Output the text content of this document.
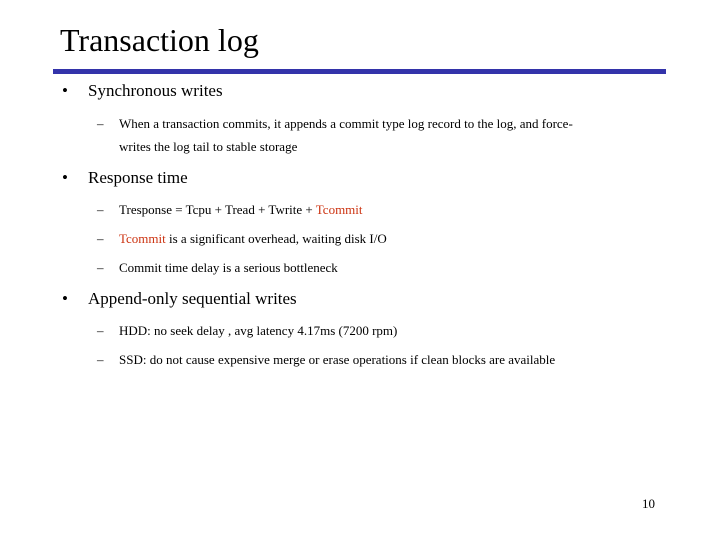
Transaction log
• Synchronous writes
– When a transaction commits, it appends a commit type log record to the log, and force-
writes the log tail to stable storage
• Response time
– Tresponse = Tcpu + Tread + Twrite + Tcommit
– Tcommit is a significant overhead, waiting disk I/O
– Commit time delay is a serious bottleneck
• Append-only sequential writes
– HDD: no seek delay , avg latency 4.17ms (7200 rpm)
– SSD: do not cause expensive merge or erase operations if clean blocks are available
10
